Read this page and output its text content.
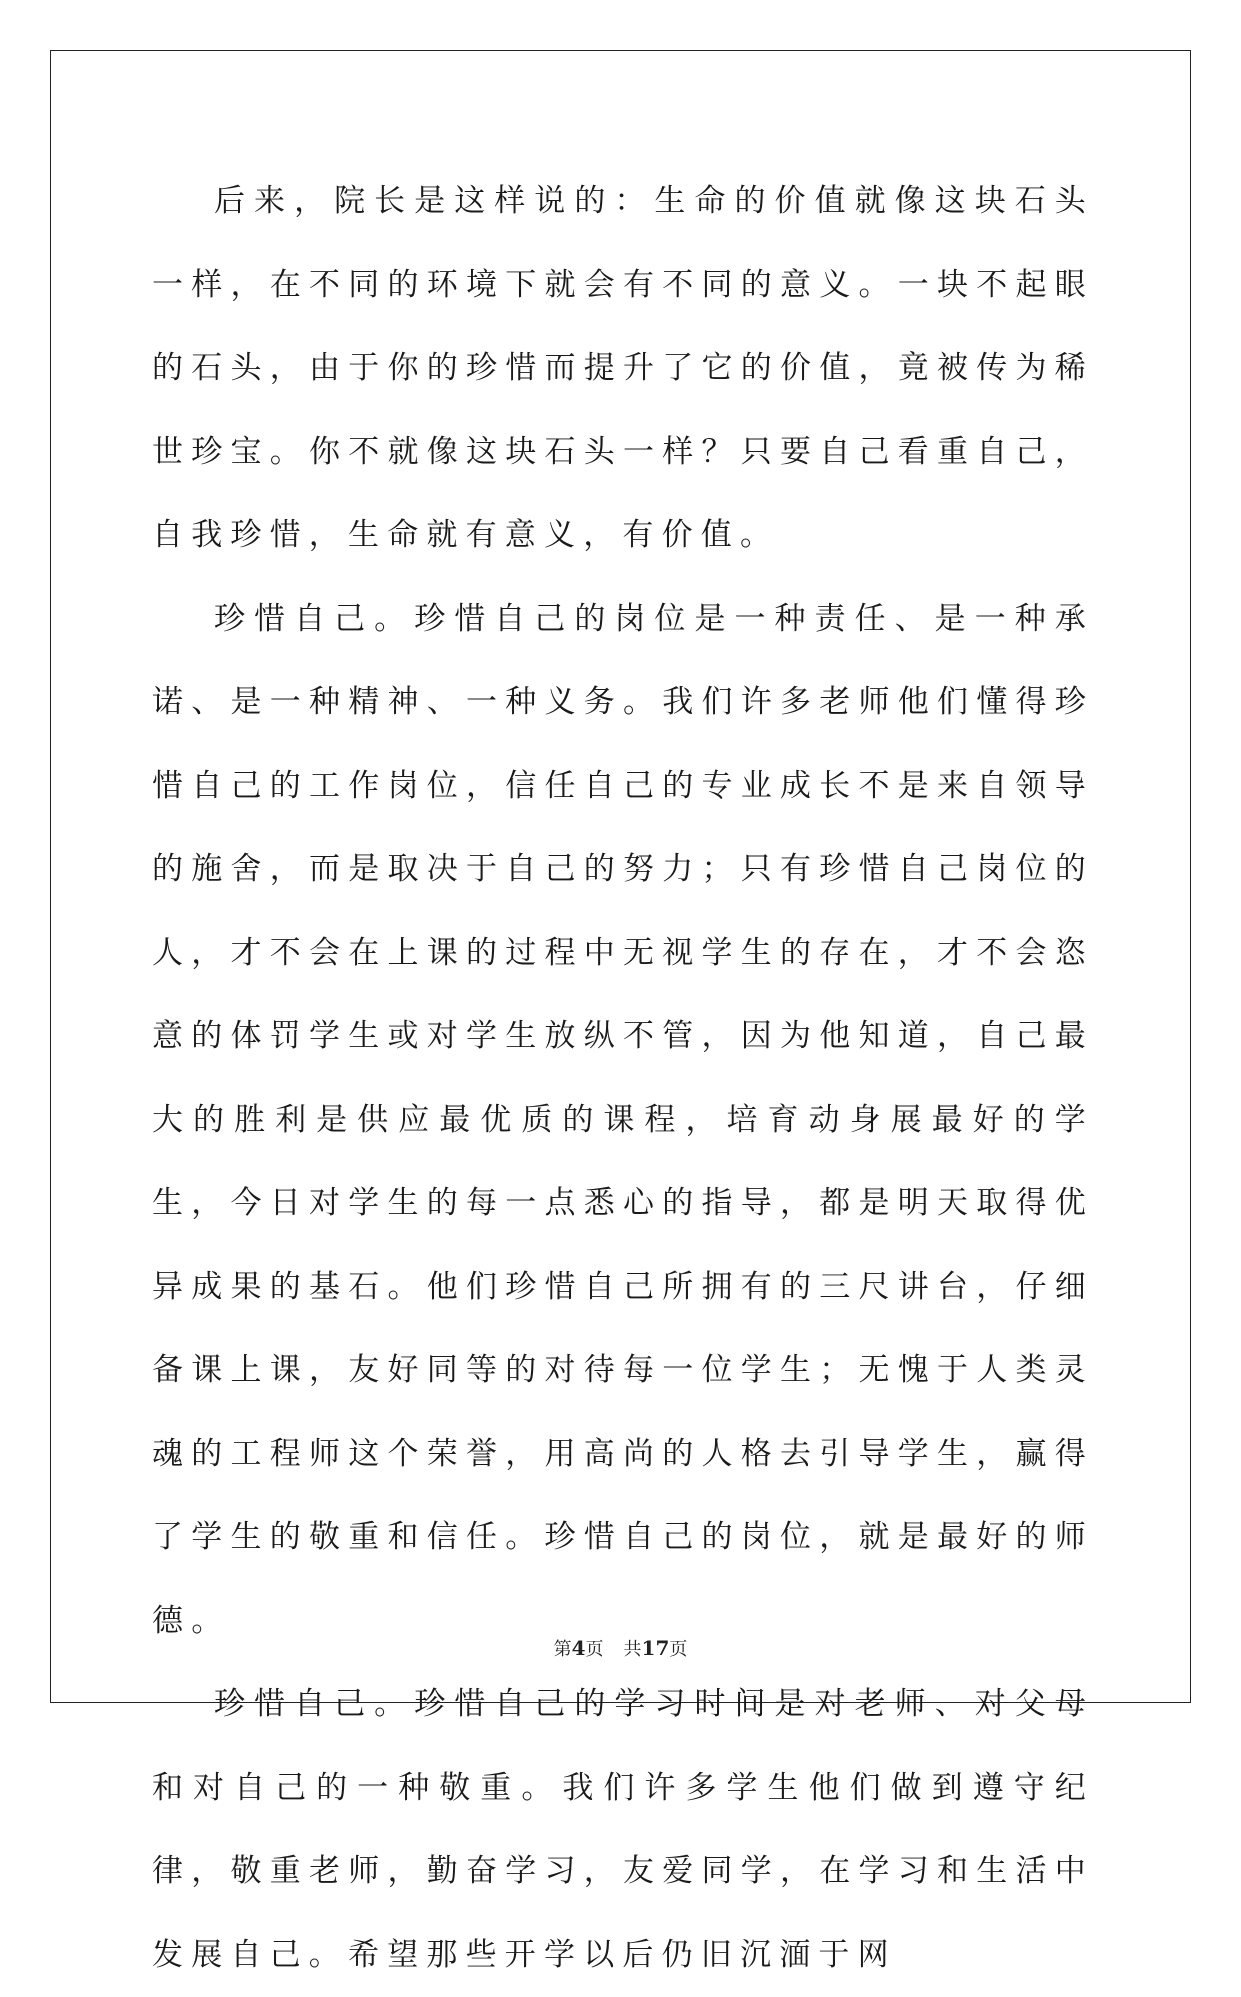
后来，院长是这样说的：生命的价值就像这块石头一样，在不同的环境下就会有不同的意义。一块不起眼的石头，由于你的珍惜而提升了它的价值，竟被传为稀世珍宝。你不就像这块石头一样？只要自己看重自己，自我珍惜，生命就有意义，有价值。

珍惜自己。珍惜自己的岗位是一种责任、是一种承诺、是一种精神、一种义务。我们许多老师他们懂得珍惜自己的工作岗位，信任自己的专业成长不是来自领导的施舍，而是取决于自己的努力；只有珍惜自己岗位的人，才不会在上课的过程中无视学生的存在，才不会恣意的体罚学生或对学生放纵不管，因为他知道，自己最大的胜利是供应最优质的课程，培育动身展最好的学生，今日对学生的每一点悉心的指导，都是明天取得优异成果的基石。他们珍惜自己所拥有的三尺讲台，仔细备课上课，友好同等的对待每一位学生；无愧于人类灵魂的工程师这个荣誉，用高尚的人格去引导学生，赢得了学生的敬重和信任。珍惜自己的岗位，就是最好的师德。

珍惜自己。珍惜自己的学习时间是对老师、对父母和对自己的一种敬重。我们许多学生他们做到遵守纪律，敬重老师，勤奋学习，友爱同学，在学习和生活中发展自己。希望那些开学以后仍旧沉湎于网

第4页 共17页
